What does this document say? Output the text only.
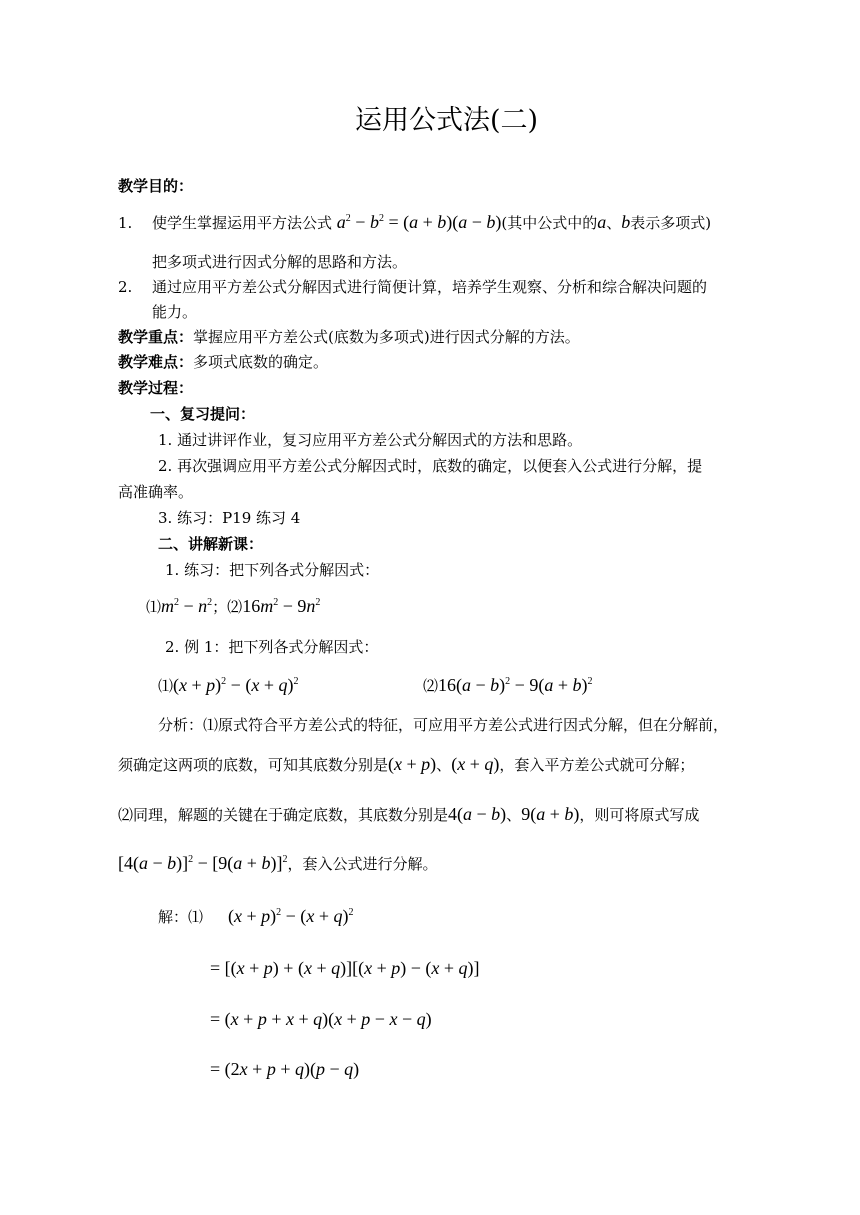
运用公式法(二)
教学目的：
1. 使学生掌握运用平方法公式 $a^2 - b^2 = (a + b)(a - b)$(其中公式中的a、b表示多项式)
把多项式进行因式分解的思路和方法。
2. 通过应用平方差公式分解因式进行简便计算，培养学生观察、分析和综合解决问题的
能力。
教学重点：掌握应用平方差公式(底数为多项式)进行因式分解的方法。
教学难点：多项式底数的确定。
教学过程：
一、复习提问：
1. 通过讲评作业，复习应用平方差公式分解因式的方法和思路。
2. 再次强调应用平方差公式分解因式时，底数的确定，以便套入公式进行分解，提
高准确率。
3. 练习：P19 练习 4
二、讲解新课：
1. 练习：把下列各式分解因式：
$⑴m^2 - n^2$；$⑵16m^2 - 9n^2$
2. 例 1：把下列各式分解因式：
⑴(x + $p)^2 - (x + q)^2$	⑵16(a − $b)^2 - 9(a + b)^2$
分析：⑴原式符合平方差公式的特征，可应用平方差公式进行因式分解，但在分解前，
须确定这两项的底数，可知其底数分别是(x + p)、(x + q)，套入平方差公式就可分解；
⑵同理，解题的关键在于确定底数，其底数分别是4(a − b)、9(a + b)，则可将原式写成
$[4(a - b)]^2 - [9(a + b)]^2$，套入公式进行分解。
解：⑴ $(x + p)^2 - (x + q)^2$
= [(x + p) + (x + q)][(x + p) − (x + q)]
= (x + p + x + q)(x + p − x − q)
= (2x + p + q)(p − q)
